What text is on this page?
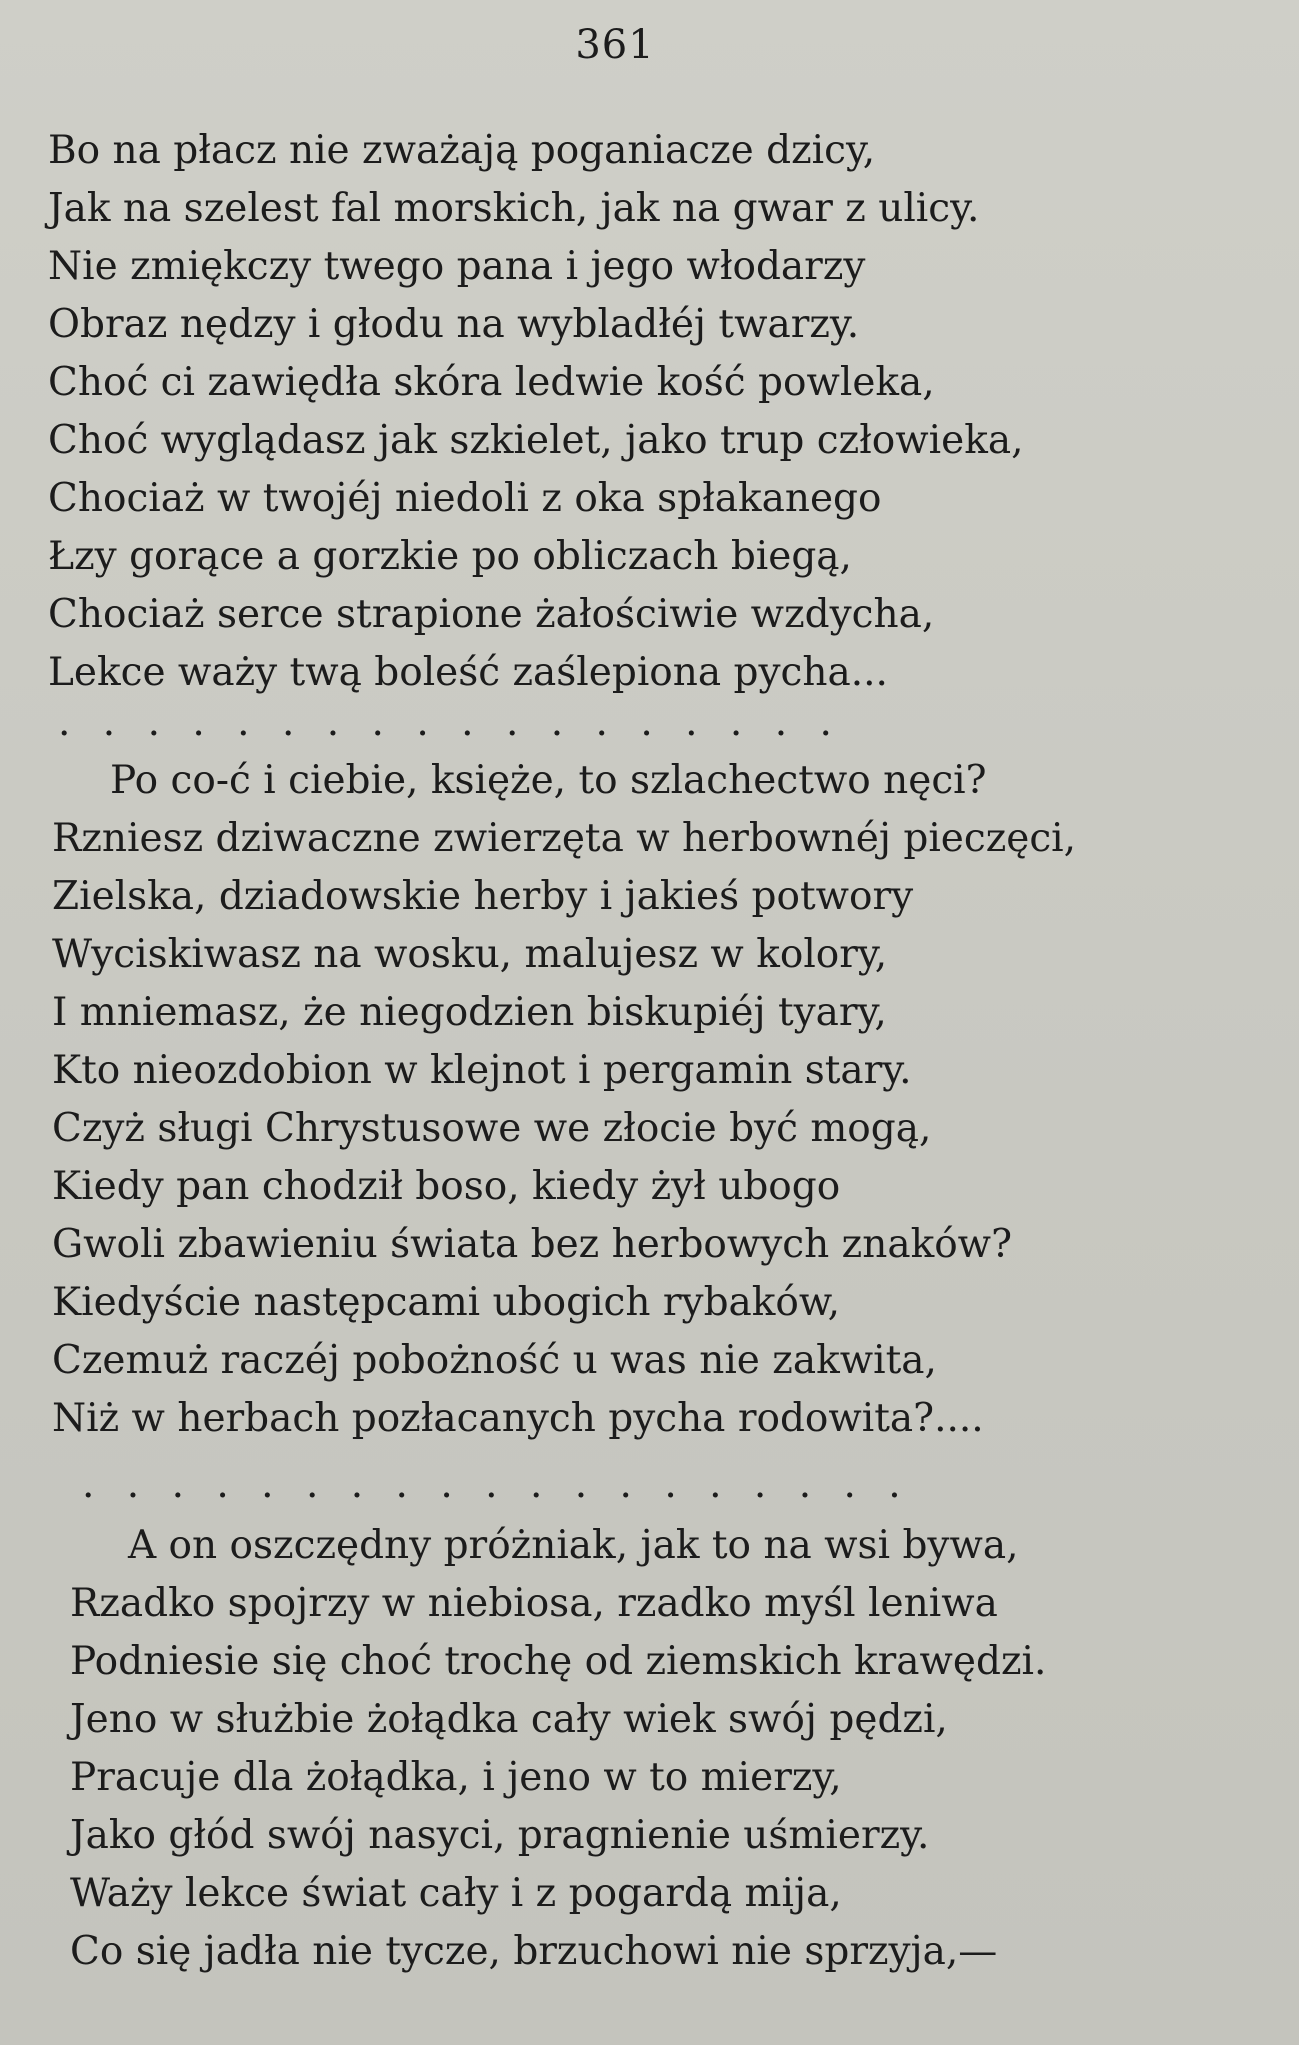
361
Bo na płacz nie zważają poganiacze dzicy,
Jak na szelest fal morskich, jak na gwar z ulicy.
Nie zmiękczy twego pana i jego włodarzy
Obraz nędzy i głodu na wybladłéj twarzy.
Choć ci zawiędła skóra ledwie kość powleka,
Choć wyglądasz jak szkielet, jako trup człowieka,
Chociaż w twojéj niedoli z oka spłakanego
Łzy gorące a gorzkie po obliczach biegą,
Chociaż serce strapione żałościwie wzdycha,
Lekce waży twą boleść zaślepiona pycha...
. . . . . . . . . . . . . . . . . .
Po co-ć i ciebie, księże, to szlachectwo nęci?
Rzniesz dziwaczne zwierzęta w herbownéj pieczęci,
Zielska, dziadowskie herby i jakieś potwory
Wyciskiwasz na wosku, malujesz w kolory,
I mniemasz, że niegodzien biskupiéj tyary,
Kto nieozdobion w klejnot i pergamin stary.
Czyż sługi Chrystusowe we złocie być mogą,
Kiedy pan chodził boso, kiedy żył ubogo
Gwoli zbawieniu świata bez herbowych znaków?
Kiedyście następcami ubogich rybaków,
Czemuż raczéj pobożność u was nie zakwita,
Niż w herbach pozłacanych pycha rodowita?....
. . . . . . . . . . . . . . . . . . .
A on oszczędny próżniak, jak to na wsi bywa,
Rzadko spojrzy w niebiosa, rzadko myśl leniwa
Podniesie się choć trochę od ziemskich krawędzi.
Jeno w służbie żołądka cały wiek swój pędzi,
Pracuje dla żołądka, i jeno w to mierzy,
Jako głód swój nasyci, pragnienie uśmierzy.
Waży lekce świat cały i z pogardą mija,
Co się jadła nie tycze, brzuchowi nie sprzyja,—
